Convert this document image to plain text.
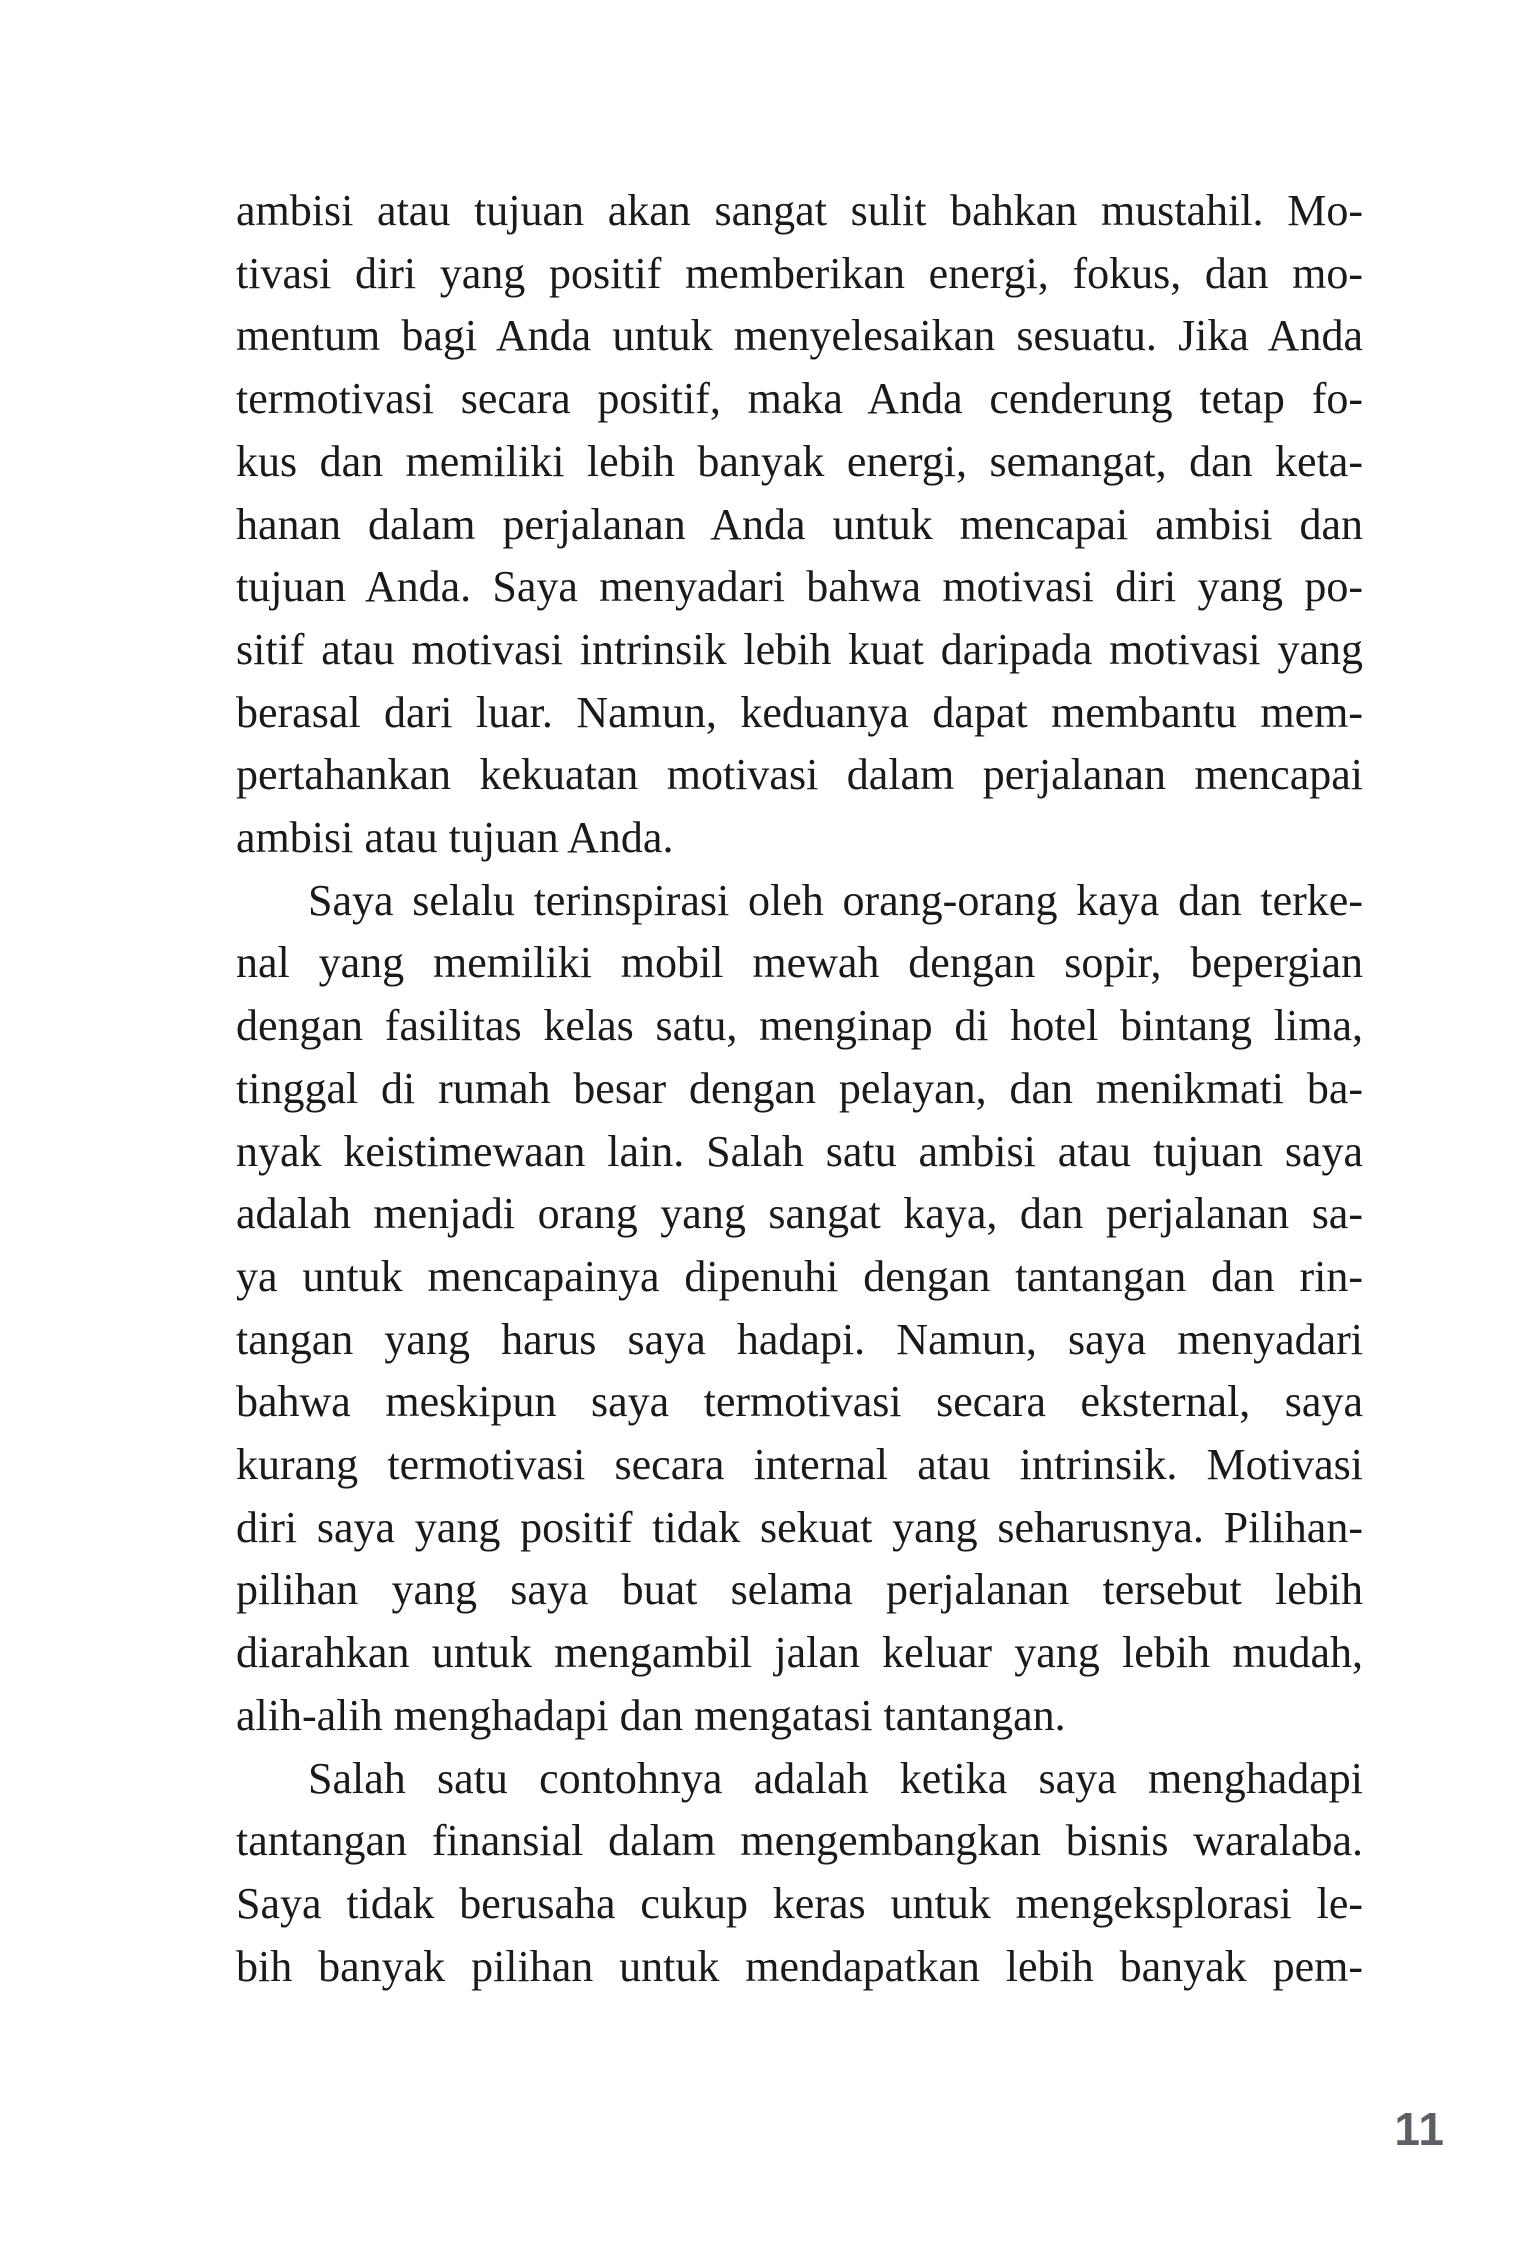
ambisi atau tujuan akan sangat sulit bahkan mustahil. Mo-
tivasi diri yang positif memberikan energi, fokus, dan mo-
mentum bagi Anda untuk menyelesaikan sesuatu. Jika Anda
termotivasi secara positif, maka Anda cenderung tetap fo-
kus dan memiliki lebih banyak energi, semangat, dan keta-
hanan dalam perjalanan Anda untuk mencapai ambisi dan
tujuan Anda. Saya menyadari bahwa motivasi diri yang po-
sitif atau motivasi intrinsik lebih kuat daripada motivasi yang
berasal dari luar. Namun, keduanya dapat membantu mem-
pertahankan kekuatan motivasi dalam perjalanan mencapai
ambisi atau tujuan Anda.
Saya selalu terinspirasi oleh orang-orang kaya dan terke-
nal yang memiliki mobil mewah dengan sopir, bepergian
dengan fasilitas kelas satu, menginap di hotel bintang lima,
tinggal di rumah besar dengan pelayan, dan menikmati ba-
nyak keistimewaan lain. Salah satu ambisi atau tujuan saya
adalah menjadi orang yang sangat kaya, dan perjalanan sa-
ya untuk mencapainya dipenuhi dengan tantangan dan rin-
tangan yang harus saya hadapi. Namun, saya menyadari
bahwa meskipun saya termotivasi secara eksternal, saya
kurang termotivasi secara internal atau intrinsik. Motivasi
diri saya yang positif tidak sekuat yang seharusnya. Pilihan-
pilihan yang saya buat selama perjalanan tersebut lebih
diarahkan untuk mengambil jalan keluar yang lebih mudah,
alih-alih menghadapi dan mengatasi tantangan.
Salah satu contohnya adalah ketika saya menghadapi
tantangan finansial dalam mengembangkan bisnis waralaba.
Saya tidak berusaha cukup keras untuk mengeksplorasi le-
bih banyak pilihan untuk mendapatkan lebih banyak pem-
11
